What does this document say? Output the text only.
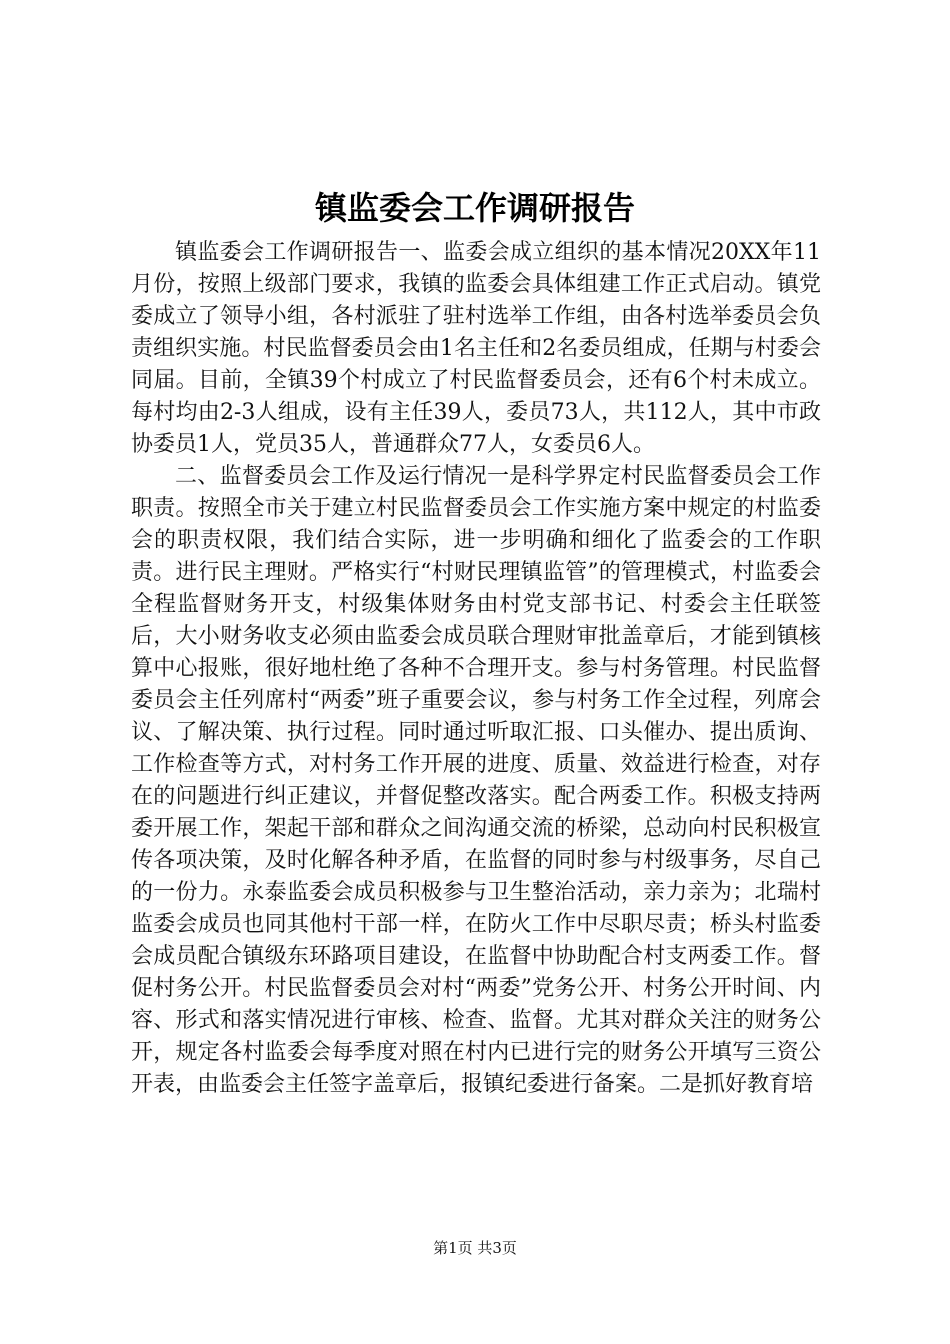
镇监委会工作调研报告

镇监委会工作调研报告一、监委会成立组织的基本情况20XX年11月份，按照上级部门要求，我镇的监委会具体组建工作正式启动。镇党委成立了领导小组，各村派驻了驻村选举工作组，由各村选举委员会负责组织实施。村民监督委员会由1名主任和2名委员组成，任期与村委会同届。目前，全镇39个村成立了村民监督委员会，还有6个村未成立。每村均由2-3人组成，设有主任39人，委员73人，共112人，其中市政协委员1人，党员35人，普通群众77人，女委员6人。

二、监督委员会工作及运行情况一是科学界定村民监督委员会工作职责。按照全市关于建立村民监督委员会工作实施方案中规定的村监委会的职责权限，我们结合实际，进一步明确和细化了监委会的工作职责。进行民主理财。严格实行“村财民理镇监管”的管理模式，村监委会全程监督财务开支，村级集体财务由村党支部书记、村委会主任联签后，大小财务收支必须由监委会成员联合理财审批盖章后，才能到镇核算中心报账，很好地杜绝了各种不合理开支。参与村务管理。村民监督委员会主任列席村“两委”班子重要会议，参与村务工作全过程，列席会议、了解决策、执行过程。同时通过听取汇报、口头催办、提出质询、工作检查等方式，对村务工作开展的进度、质量、效益进行检查，对存在的问题进行纠正建议，并督促整改落实。配合两委工作。积极支持两委开展工作，架起干部和群众之间沟通交流的桥梁，总动向村民积极宣传各项决策，及时化解各种矛盾，在监督的同时参与村级事务，尽自己的一份力。永泰监委会成员积极参与卫生整治活动，亲力亲为；北瑞村监委会成员也同其他村干部一样，在防火工作中尽职尽责；桥头村监委会成员配合镇级东环路项目建设，在监督中协助配合村支两委工作。督促村务公开。村民监督委员会对村“两委”党务公开、村务公开时间、内容、形式和落实情况进行审核、检查、监督。尤其对群众关注的财务公开，规定各村监委会每季度对照在村内已进行完的财务公开填写三资公开表，由监委会主任签字盖章后，报镇纪委进行备案。二是抓好教育培

第1页 共3页
